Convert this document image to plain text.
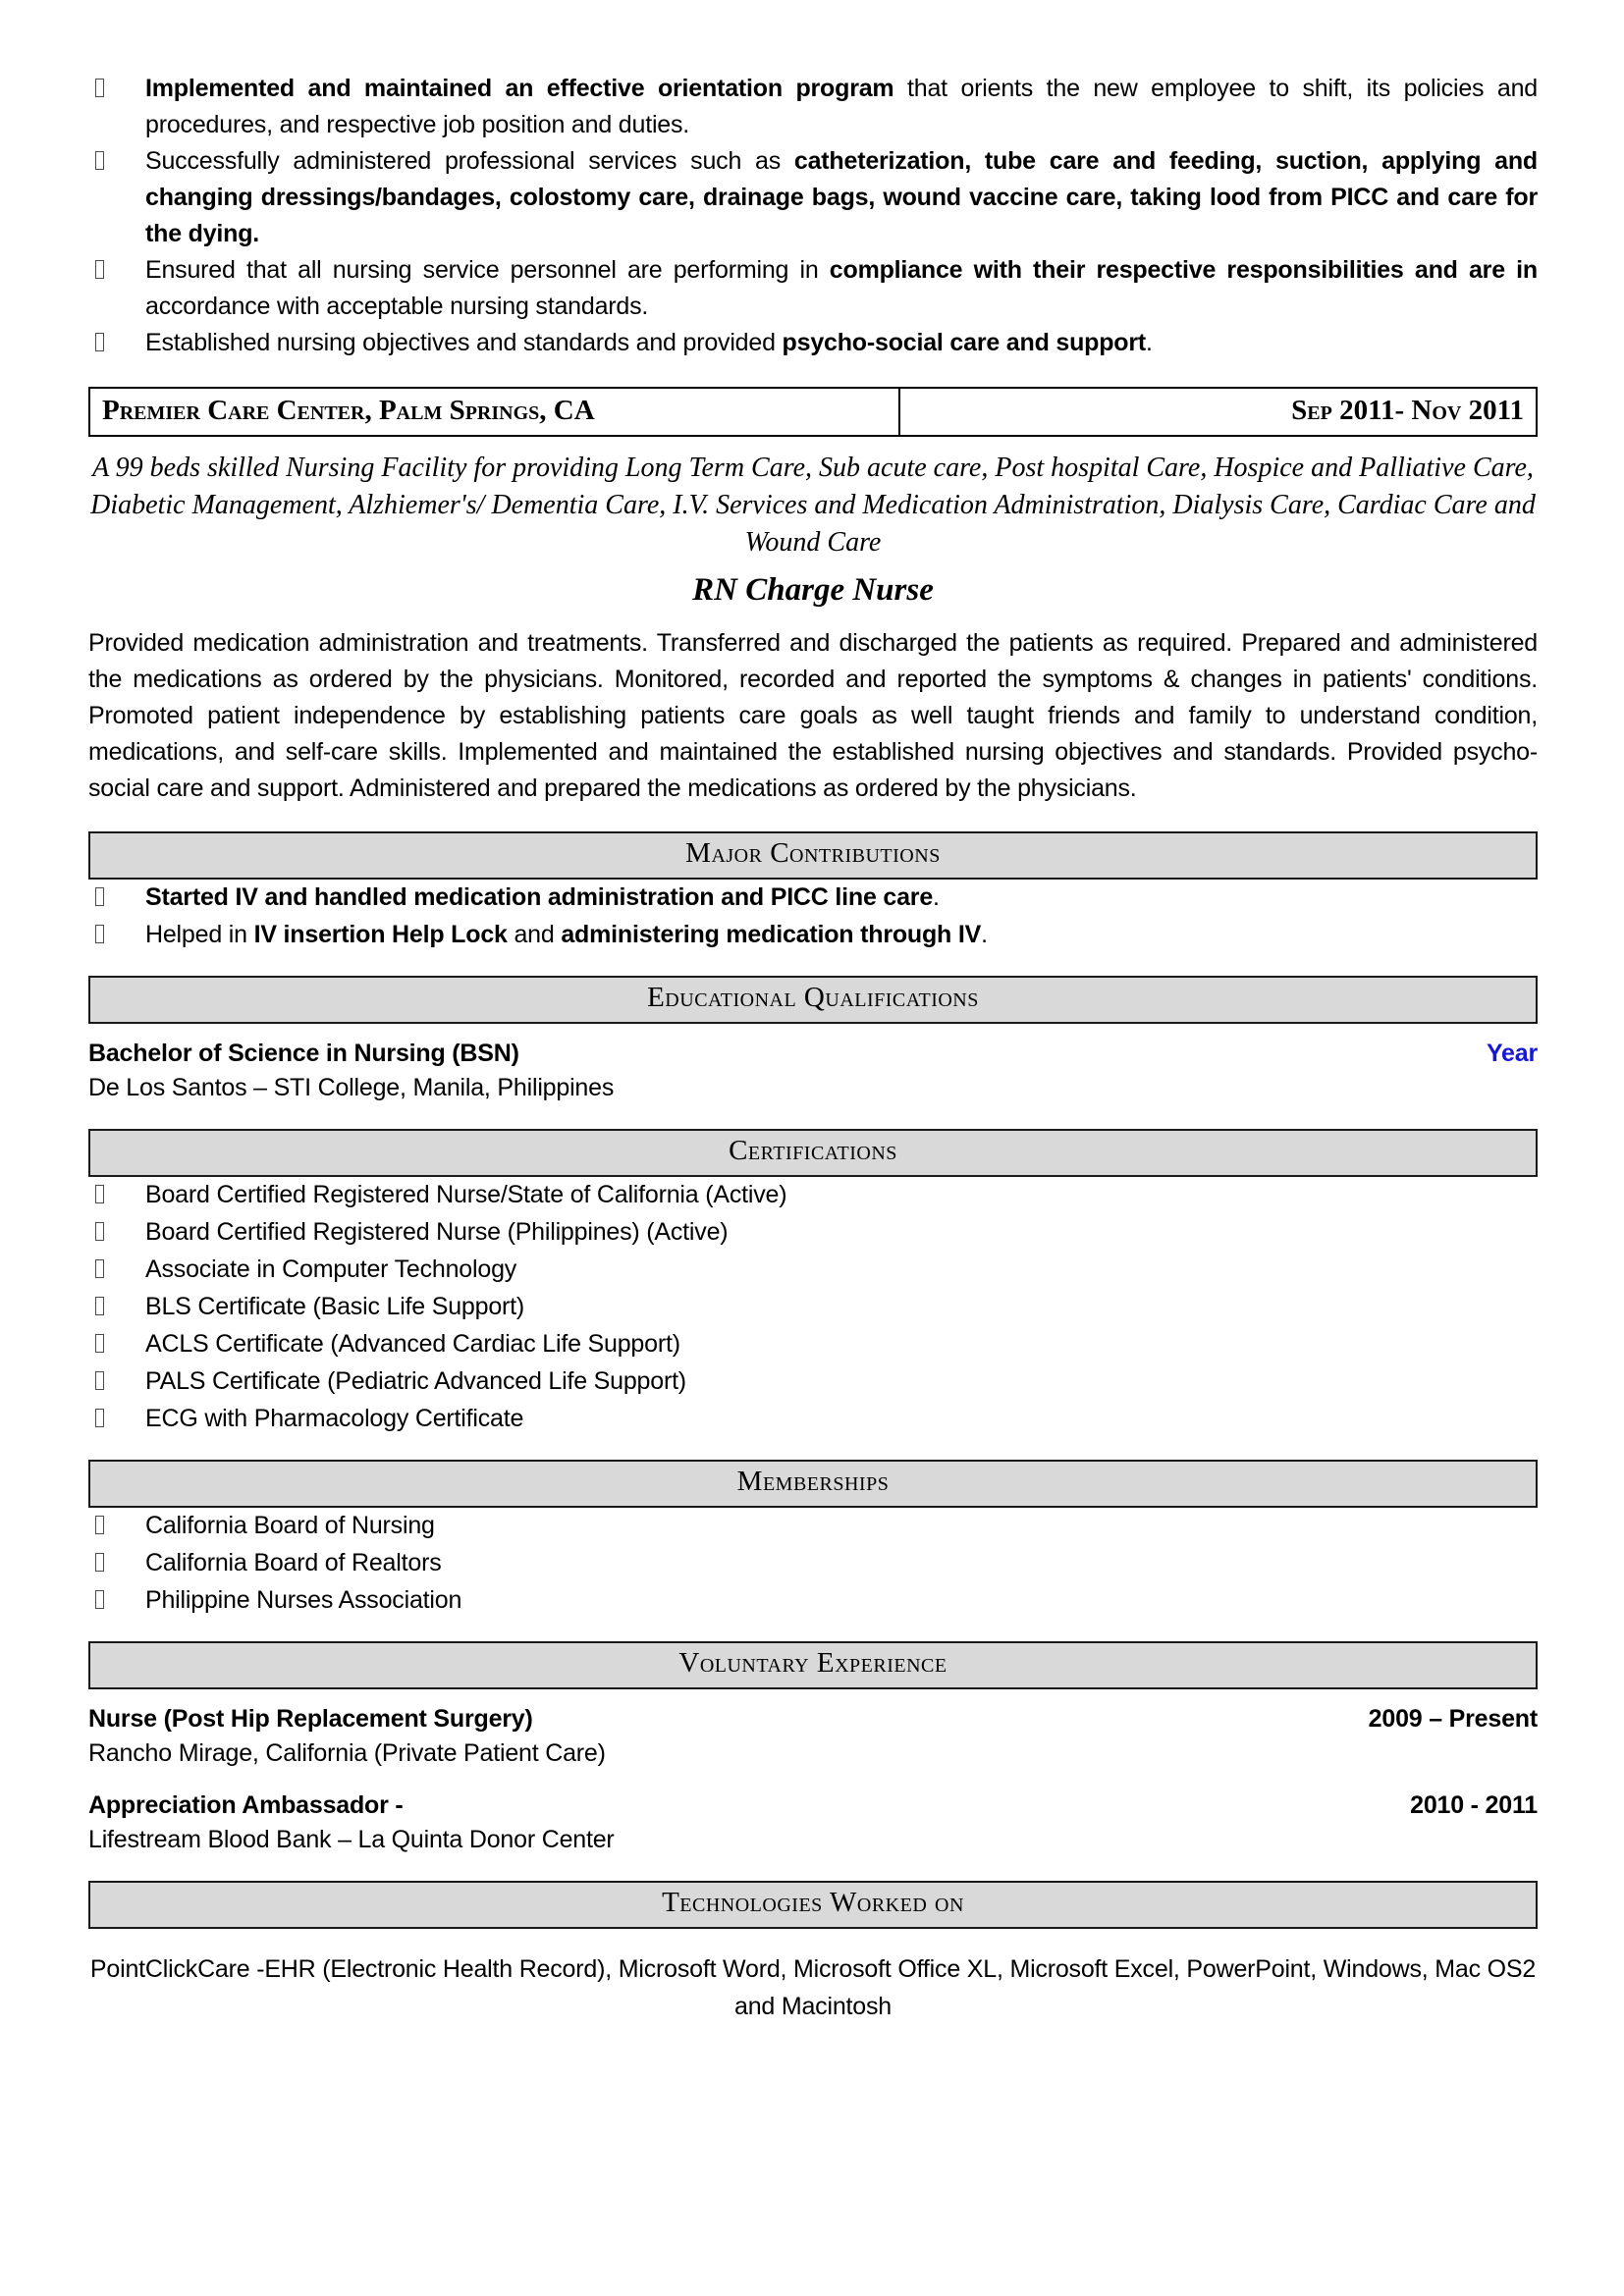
Implemented and maintained an effective orientation program that orients the new employee to shift, its policies and procedures, and respective job position and duties.
Successfully administered professional services such as catheterization, tube care and feeding, suction, applying and changing dressings/bandages, colostomy care, drainage bags, wound vaccine care, taking lood from PICC and care for the dying.
Ensured that all nursing service personnel are performing in compliance with their respective responsibilities and are in accordance with acceptable nursing standards.
Established nursing objectives and standards and provided psycho-social care and support.
Premier Care Center, Palm Springs, CA	Sep 2011- Nov 2011
A 99 beds skilled Nursing Facility for providing Long Term Care, Sub acute care, Post hospital Care, Hospice and Palliative Care, Diabetic Management, Alzhiemer's/ Dementia Care, I.V. Services and Medication Administration, Dialysis Care, Cardiac Care and Wound Care
RN Charge Nurse

Provided medication administration and treatments. Transferred and discharged the patients as required. Prepared and administered the medications as ordered by the physicians. Monitored, recorded and reported the symptoms & changes in patients' conditions. Promoted patient independence by establishing patients care goals as well taught friends and family to understand condition, medications, and self-care skills. Implemented and maintained the established nursing objectives and standards. Provided psycho-social care and support. Administered and prepared the medications as ordered by the physicians.

Major Contributions
Started IV and handled medication administration and PICC line care.
Helped in IV insertion Help Lock and administering medication through IV.
Educational Qualifications
Bachelor of Science in Nursing (BSN)	Year
De Los Santos – STI College, Manila, Philippines
Certifications
Board Certified Registered Nurse/State of California (Active)
Board Certified Registered Nurse (Philippines) (Active)
Associate in Computer Technology
BLS Certificate (Basic Life Support)
ACLS Certificate (Advanced Cardiac Life Support)
PALS Certificate (Pediatric Advanced Life Support)
ECG with Pharmacology Certificate
Memberships
California Board of Nursing
California Board of Realtors
Philippine Nurses Association
Voluntary Experience
Nurse (Post Hip Replacement Surgery)	2009 – Present
Rancho Mirage, California (Private Patient Care)
Appreciation Ambassador -	2010 - 2011
Lifestream Blood Bank – La Quinta Donor Center
Technologies Worked on

PointClickCare -EHR (Electronic Health Record), Microsoft Word, Microsoft Office XL, Microsoft Excel, PowerPoint, Windows, Mac OS2 and Macintosh
